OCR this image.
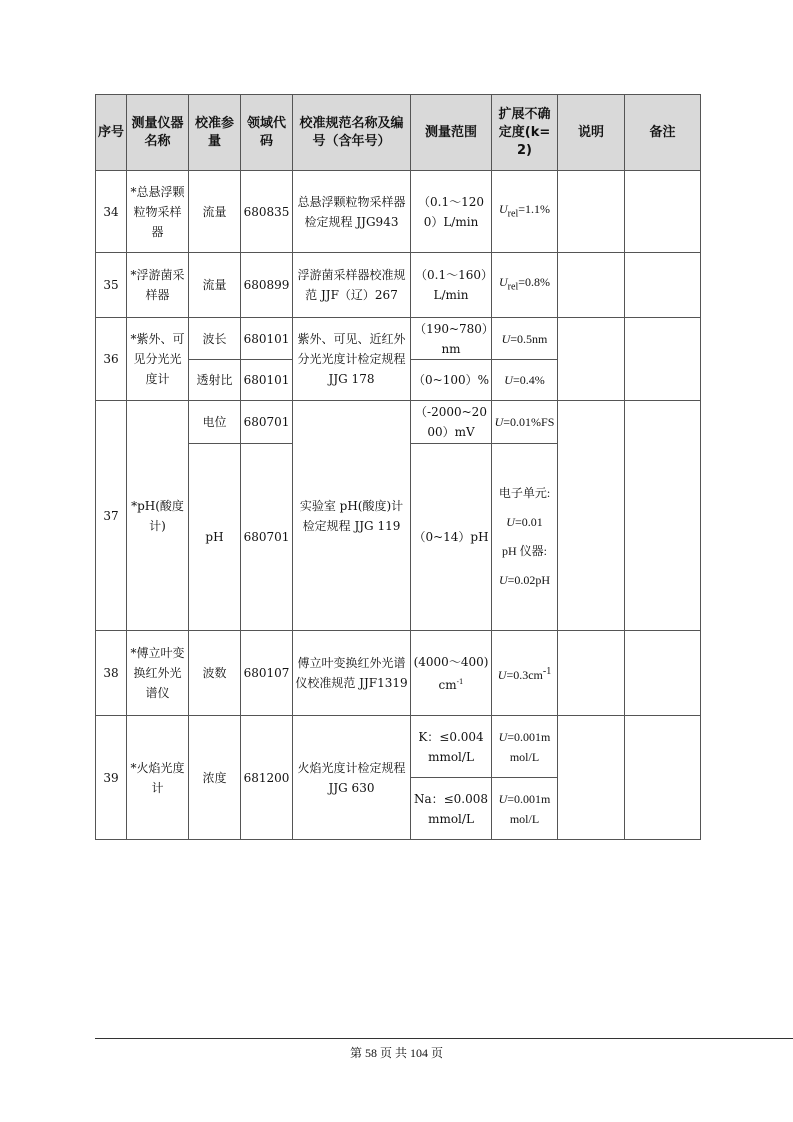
序号	测量仪器名称	校准参量	领域代码	校准规范名称及编号（含年号）	测量范围	扩展不确定度(k=2)	说明	备注
34	*总悬浮颗粒物采样器	流量	680835	总悬浮颗粒物采样器检定规程 JJG943	（0.1～1200）L/min	$U_{rel}=1.1\%$		
35	*浮游菌采样器	流量	680899	浮游菌采样器校准规范 JJF（辽）267	（0.1～160）L/min	$U_{rel}=0.8\%$		
36	*紫外、可见分光光度计	波长	680101	紫外、可见、近红外分光光度计检定规程 JJG 178	（190~780）nm	U=0.5nm		
		透射比	680101		（0~100）%	U=0.4%		
37	*pH(酸度计)	电位	680701	实验室 pH(酸度)计检定规程 JJG 119	（-2000~2000）mV	U=0.01%FS		
		pH	680701		（0~14）pH	电子单元:
U=0.01
pH 仪器:
U=0.02pH		
38	*傅立叶变换红外光谱仪	波数	680107	傅立叶变换红外光谱仪校准规范 JJF1319	$(4000\sim 400)cm^{-1}$	$U=0.3cm^{-1}$		
39	*火焰光度计	浓度	681200	火焰光度计检定规程 JJG 630	K：≤0.004mmol/L	U=0.001mmol/L		
					Na：≤0.008mmol/L	U=0.001mmol/L		
第 58 页 共 104 页
